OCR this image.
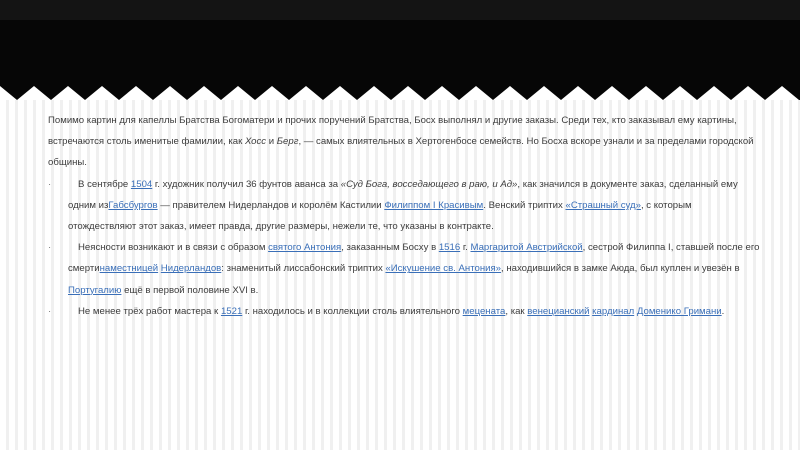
Помимо картин для капеллы Братства Богоматери и прочих поручений Братства, Босх выполнял и другие заказы. Среди тех, кто заказывал ему картины, встречаются столь именитые фамилии, как Хосс и Берг, — самых влиятельных в Хертогенбосе семейств. Но Босха вскоре узнали и за пределами городской общины.

·	В сентябре 1504 г. художник получил 36 фунтов аванса за «Суд Бога, восседающего в раю, и Ад», как значился в документе заказ, сделанный ему одним изГабсбургов — правителем Нидерландов и королём Кастилии Филиппом I Красивым. Венский триптих «Страшный суд», с которым отождествляют этот заказ, имеет правда, другие размеры, нежели те, что указаны в контракте.

·	Неясности возникают и в связи с образом святого Антония, заказанным Босху в 1516 г. Маргаритой Австрийской, сестрой Филиппа I, ставшей после его смертинаместницей Нидерландов: знаменитый лиссабонский триптих «Искушение св. Антония», находившийся в замке Аюда, был куплен и увезён в Португалию ещё в первой половине XVI в.

·	Не менее трёх работ мастера к 1521 г. находилось и в коллекции столь влиятельного мецената, как венецианский кардинал Доменико Гримани.
